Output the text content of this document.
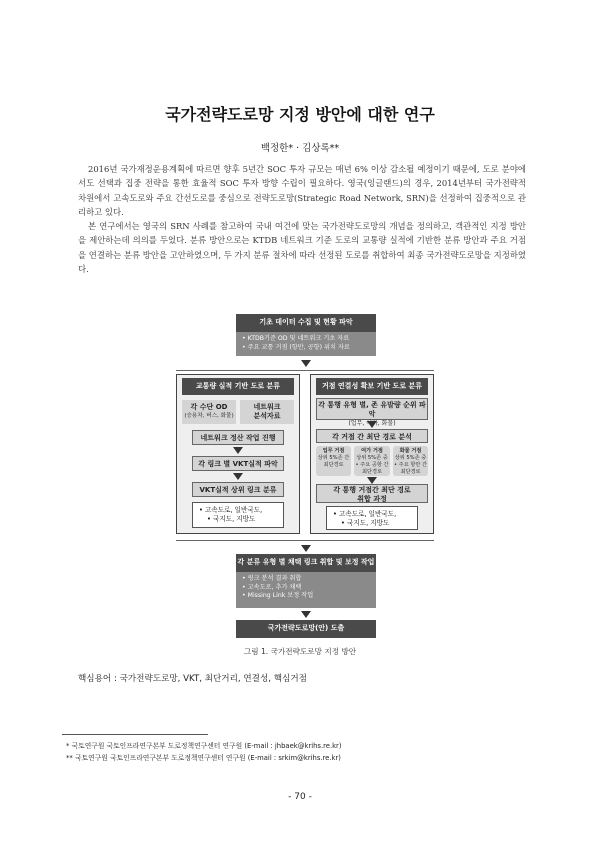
국가전략도로망 지정 방안에 대한 연구
백정한* · 김상록**

2016년 국가재정운용계획에 따르면 향후 5년간 SOC 투자 규모는 매년 6% 이상 감소될 예정이기 때문에, 도로 분야에서도 선택과 집중 전략을 통한 효율적 SOC 투자 방향 수립이 필요하다. 영국(잉글랜드)의 경우, 2014년부터 국가전략적 차원에서 고속도로와 주요 간선도로를 중심으로 전략도로망(Strategic Road Network, SRN)을 선정하여 집중적으로 관리하고 있다.

본 연구에서는 영국의 SRN 사례를 참고하여 국내 여건에 맞는 국가전략도로망의 개념을 정의하고, 객관적인 지정 방안을 제안하는데 의의를 두었다. 분류 방안으로는 KTDB 네트워크 기준 도로의 교통량 실적에 기반한 분류 방안과 주요 거점을 연결하는 분류 방안을 고안하였으며, 두 가지 분류 절차에 따라 선정된 도로를 취합하여 최종 국가전략도로망을 지정하였다.

기초 데이터 수집 및 현황 파악
• KTDB기준 OD 및 네트워크 기초 자료
• 주요 교통 거점 (항만, 공항) 위치 자료
교통량 실적 기반 도로 분류
각 수단 OD
(승용차, 버스, 화물)
네트워크
분석자료
네트워크 정산 작업 진행
각 링크 별 VKT실적 파악
VKT실적 상위 링크 분류
• 고속도로, 일반국도,
• 국지도, 지방도
거점 연결성 확보 기반 도로 분류
각 통행 유형 별, 존 유발량 순위 파악
(업무, 여가, 화물)
각 거점 간 최단 경로 분석
업무 거점
상위 5%존 간 최단경로
여가 거점
상위 5%존 중 • 주요 공항 간 최단경로
화물 거점
상위 5%존 중 • 주요 항만 간 최단경로
각 통행 거점간 최단 경로
취합 과정
• 고속도로, 일반국도,
• 국지도, 지방도
각 분류 유형 별 채택 링크 취합 및 보정 작업
• 링크 분석 결과 취합
• 고속도로, 추가 채택
• Missing Link 보정 작업
국가전략도로망(안) 도출
그림 1. 국가전략도로망 지정 방안
핵심용어 : 국가전략도로망, VKT, 최단거리, 연결성, 핵심거점
* 국토연구원 국토인프라연구본부 도로정책연구센터 연구원 (E-mail : jhbaek@krihs.re.kr)
** 국토연구원 국토인프라연구본부 도로정책연구센터 연구원 (E-mail : srkim@krihs.re.kr)
- 70 -
